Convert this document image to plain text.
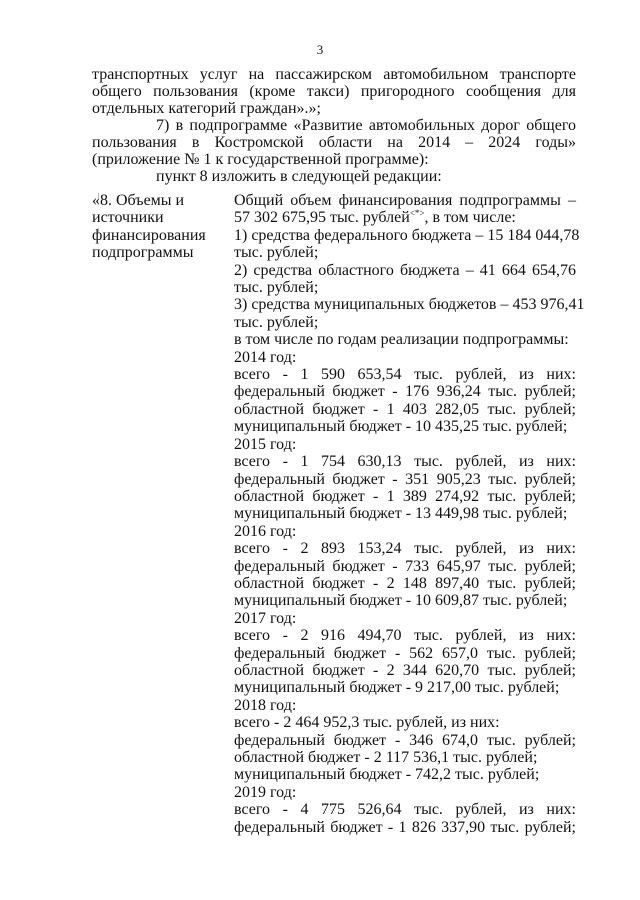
3

транспортных услуг на пассажирском автомобильном транспорте общего пользования (кроме такси) пригородного сообщения для отдельных категорий граждан».»;

7) в подпрограмме «Развитие автомобильных дорог общего пользования в Костромской области на 2014 – 2024 годы» (приложение № 1 к государственной программе):

пункт 8 изложить в следующей редакции:

«8. Объемы и
источники
финансирования
подпрограммы
Общий объем финансирования подпрограммы –
57 302 675,95 тыс. рублей<*>, в том числе:
1) средства федерального бюджета – 15 184 044,78
тыс. рублей;
2) средства областного бюджета – 41 664 654,76
тыс. рублей;
3) средства муниципальных бюджетов – 453 976,41
тыс. рублей;
в том числе по годам реализации подпрограммы:
2014 год:
всего - 1 590 653,54 тыс. рублей, из них:
федеральный бюджет - 176 936,24 тыс. рублей;
областной бюджет - 1 403 282,05 тыс. рублей;
муниципальный бюджет - 10 435,25 тыс. рублей;
2015 год:
всего - 1 754 630,13 тыс. рублей, из них:
федеральный бюджет - 351 905,23 тыс. рублей;
областной бюджет - 1 389 274,92 тыс. рублей;
муниципальный бюджет - 13 449,98 тыс. рублей;
2016 год:
всего - 2 893 153,24 тыс. рублей, из них:
федеральный бюджет - 733 645,97 тыс. рублей;
областной бюджет - 2 148 897,40 тыс. рублей;
муниципальный бюджет - 10 609,87 тыс. рублей;
2017 год:
всего - 2 916 494,70 тыс. рублей, из них:
федеральный бюджет - 562 657,0 тыс. рублей;
областной бюджет - 2 344 620,70 тыс. рублей;
муниципальный бюджет - 9 217,00 тыс. рублей;
2018 год:
всего - 2 464 952,3 тыс. рублей, из них:
федеральный бюджет - 346 674,0 тыс. рублей;
областной бюджет - 2 117 536,1 тыс. рублей;
муниципальный бюджет - 742,2 тыс. рублей;
2019 год:
всего - 4 775 526,64 тыс. рублей, из них:
федеральный бюджет - 1 826 337,90 тыс. рублей;
